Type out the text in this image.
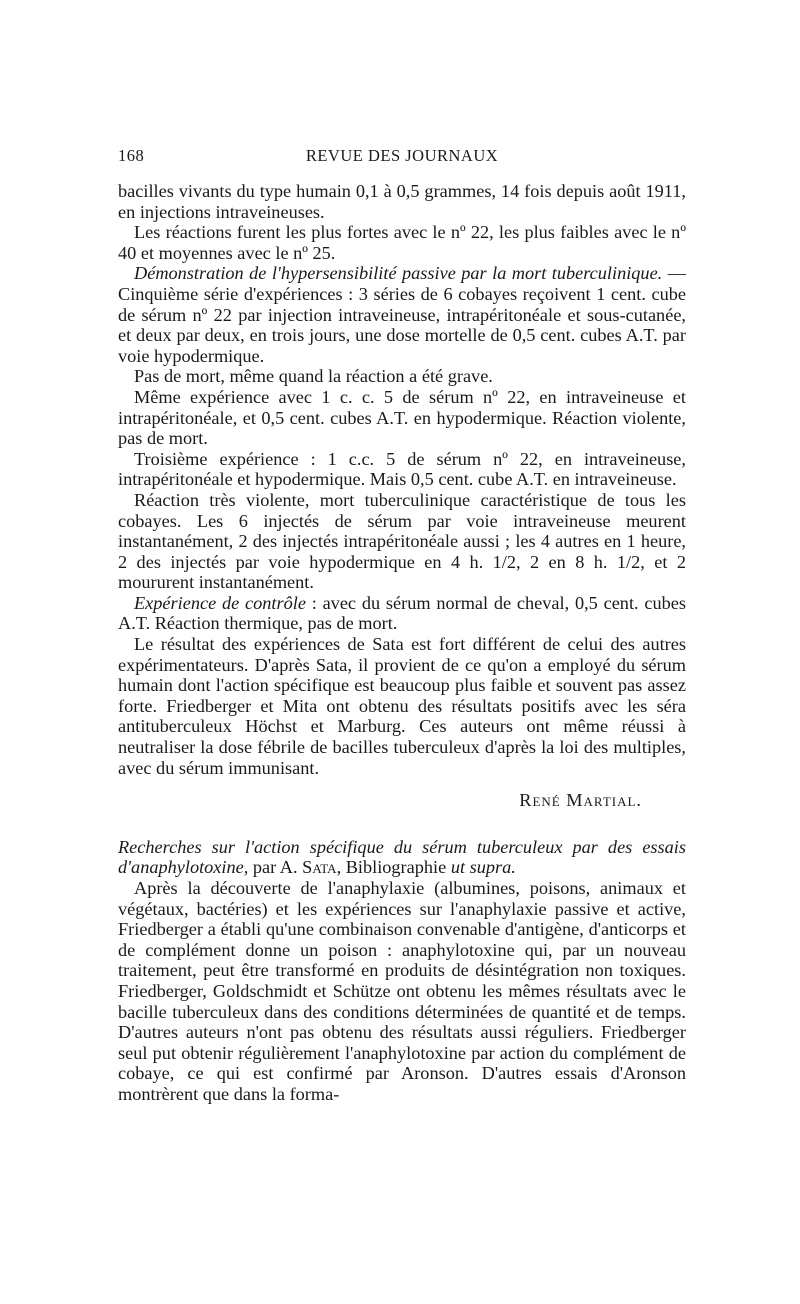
168	REVUE DES JOURNAUX

bacilles vivants du type humain 0,1 à 0,5 grammes, 14 fois depuis août 1911, en injections intraveineuses.

Les réactions furent les plus fortes avec le nº 22, les plus faibles avec le nº 40 et moyennes avec le nº 25.

Démonstration de l'hypersensibilité passive par la mort tuberculinique. — Cinquième série d'expériences : 3 séries de 6 cobayes reçoivent 1 cent. cube de sérum nº 22 par injection intraveineuse, intrapéritonéale et sous-cutanée, et deux par deux, en trois jours, une dose mortelle de 0,5 cent. cubes A.T. par voie hypodermique.

Pas de mort, même quand la réaction a été grave.

Même expérience avec 1 c. c. 5 de sérum nº 22, en intraveineuse et intrapéritonéale, et 0,5 cent. cubes A.T. en hypodermique. Réaction violente, pas de mort.

Troisième expérience : 1 c.c. 5 de sérum nº 22, en intraveineuse, intrapéritonéale et hypodermique. Mais 0,5 cent. cube A.T. en intraveineuse.

Réaction très violente, mort tuberculinique caractéristique de tous les cobayes. Les 6 injectés de sérum par voie intraveineuse meurent instantanément, 2 des injectés intrapéritonéale aussi ; les 4 autres en 1 heure, 2 des injectés par voie hypodermique en 4 h. 1/2, 2 en 8 h. 1/2, et 2 moururent instantanément.

Expérience de contrôle : avec du sérum normal de cheval, 0,5 cent. cubes A.T. Réaction thermique, pas de mort.

Le résultat des expériences de Sata est fort différent de celui des autres expérimentateurs. D'après Sata, il provient de ce qu'on a employé du sérum humain dont l'action spécifique est beaucoup plus faible et souvent pas assez forte. Friedberger et Mita ont obtenu des résultats positifs avec les séra antituberculeux Höchst et Marburg. Ces auteurs ont même réussi à neutraliser la dose fébrile de bacilles tuberculeux d'après la loi des multiples, avec du sérum immunisant.

René Martial.

Recherches sur l'action spécifique du sérum tuberculeux par des essais d'anaphylotoxine, par A. Sata, Bibliographie ut supra.

Après la découverte de l'anaphylaxie (albumines, poisons, animaux et végétaux, bactéries) et les expériences sur l'anaphylaxie passive et active, Friedberger a établi qu'une combinaison convenable d'antigène, d'anticorps et de complément donne un poison : anaphylotoxine qui, par un nouveau traitement, peut être transformé en produits de désintégration non toxiques. Friedberger, Goldschmidt et Schütze ont obtenu les mêmes résultats avec le bacille tuberculeux dans des conditions déterminées de quantité et de temps. D'autres auteurs n'ont pas obtenu des résultats aussi réguliers. Friedberger seul put obtenir régulièrement l'anaphylotoxine par action du complément de cobaye, ce qui est confirmé par Aronson. D'autres essais d'Aronson montrèrent que dans la forma-
